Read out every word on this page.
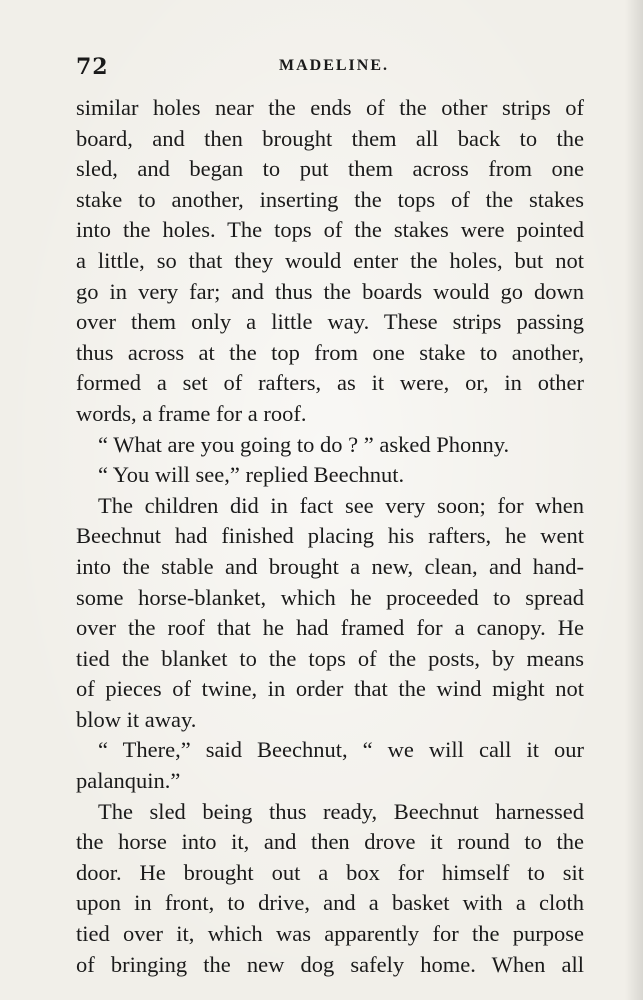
72	MADELINE.
similar holes near the ends of the other strips of
board, and then brought them all back to the
sled, and began to put them across from one
stake to another, inserting the tops of the stakes
into the holes. The tops of the stakes were pointed
a little, so that they would enter the holes, but not
go in very far; and thus the boards would go down
over them only a little way. These strips passing
thus across at the top from one stake to another,
formed a set of rafters, as it were, or, in other
words, a frame for a roof.
“ What are you going to do ? ” asked Phonny.
“ You will see,” replied Beechnut.
The children did in fact see very soon; for when
Beechnut had finished placing his rafters, he went
into the stable and brought a new, clean, and hand-
some horse-blanket, which he proceeded to spread
over the roof that he had framed for a canopy. He
tied the blanket to the tops of the posts, by means
of pieces of twine, in order that the wind might not
blow it away.
“ There,” said Beechnut, “ we will call it our
palanquin.”
The sled being thus ready, Beechnut harnessed
the horse into it, and then drove it round to the
door. He brought out a box for himself to sit
upon in front, to drive, and a basket with a cloth
tied over it, which was apparently for the purpose
of bringing the new dog safely home. When all
